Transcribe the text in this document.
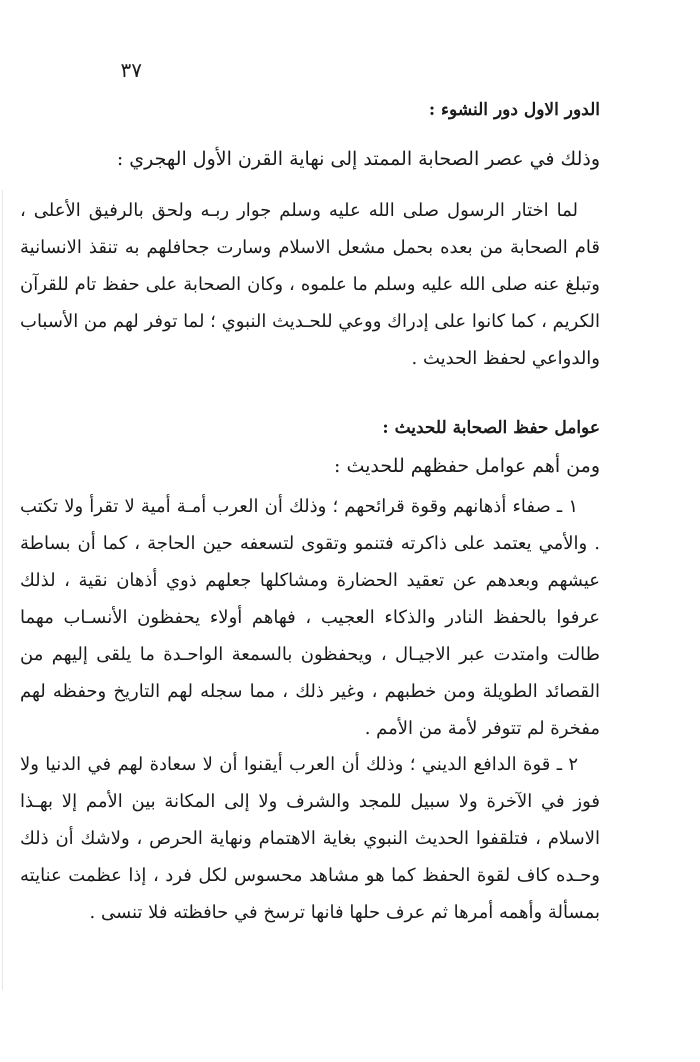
٣٧
الدور الاول دور النشوء :
وذلك في عصر الصحابة الممتد إلى نهاية القرن الأول الهجري :

لما اختار الرسول صلى الله عليه وسلم جوار ربـه ولحق بالرفيق الأعلى ، قام الصحابة من بعده بحمل مشعل الاسلام وسارت جحافلهم به تنقذ الانسانية وتبلغ عنه صلى الله عليه وسلم ما علموه ، وكان الصحابة على حفظ تام للقرآن الكريم ، كما كانوا على إدراك ووعي للحـديث النبوي ؛ لما توفر لهم من الأسباب والدواعي لحفظ الحديث .

عوامل حفظ الصحابة للحديث :
ومن أهم عوامل حفظهم للحديث :

١ ـ صفاء أذهانهم وقوة قرائحهم ؛ وذلك أن العرب أمـة أمية لا تقرأ ولا تكتب . والأمي يعتمد على ذاكرته فتنمو وتقوى لتسعفه حين الحاجة ، كما أن بساطة عيشهم وبعدهم عن تعقيد الحضارة ومشاكلها جعلهم ذوي أذهان نقية ، لذلك عرفوا بالحفظ النادر والذكاء العجيب ، فهاهم أولاء يحفظون الأنسـاب مهما طالت وامتدت عبر الاجيـال ، ويحفظون بالسمعة الواحـدة ما يلقى إليهم من القصائد الطويلة ومن خطبهم ، وغير ذلك ، مما سجله لهم التاريخ وحفظه لهم مفخرة لم تتوفر لأمة من الأمم .

٢ ـ قوة الدافع الديني ؛ وذلك أن العرب أيقنوا أن لا سعادة لهم في الدنيا ولا فوز في الآخرة ولا سبيل للمجد والشرف ولا إلى المكانة بين الأمم إلا بهـذا الاسلام ، فتلقفوا الحديث النبوي بغاية الاهتمام ونهاية الحرص ، ولاشك أن ذلك وحـده كاف لقوة الحفظ كما هو مشاهد محسوس لكل فرد ، إذا عظمت عنايته بمسألة وأهمه أمرها ثم عرف حلها فانها ترسخ في حافظته فلا تنسى .
